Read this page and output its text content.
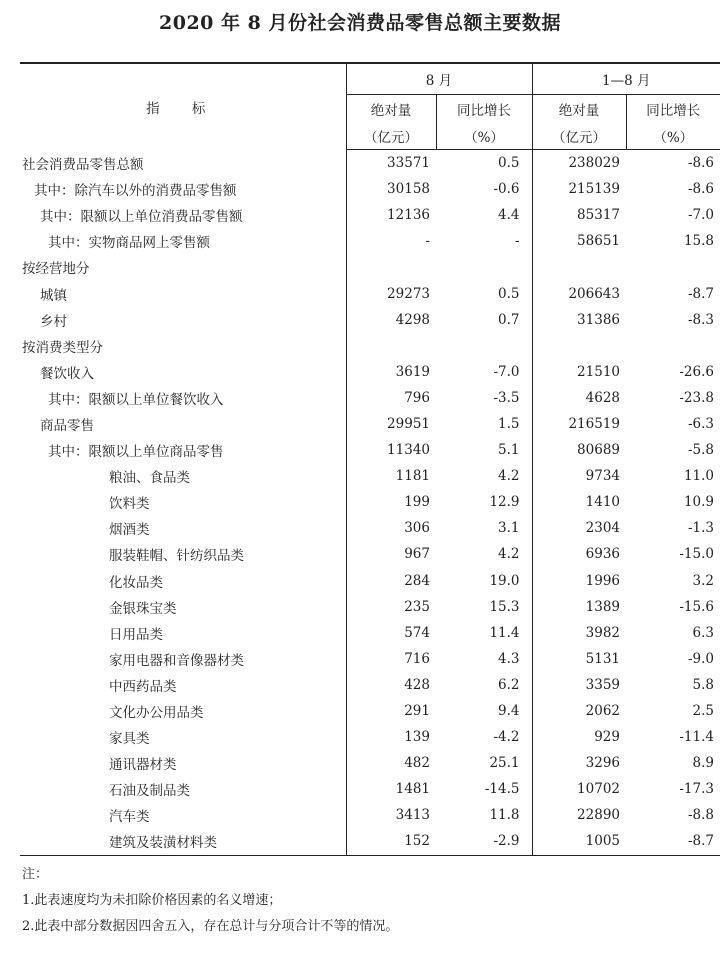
2020 年 8 月份社会消费品零售总额主要数据

指 标	8 月		1—8 月	
	绝对量	同比增长	绝对量	同比增长
	（亿元）	（%）	（亿元）	（%）
社会消费品零售总额	33571	0.5	238029	-8.6
其中：除汽车以外的消费品零售额	30158	-0.6	215139	-8.6
其中：限额以上单位消费品零售额	12136	4.4	85317	-7.0
其中：实物商品网上零售额	-	-	58651	15.8
按经营地分				
城镇	29273	0.5	206643	-8.7
乡村	4298	0.7	31386	-8.3
按消费类型分				
餐饮收入	3619	-7.0	21510	-26.6
其中：限额以上单位餐饮收入	796	-3.5	4628	-23.8
商品零售	29951	1.5	216519	-6.3
其中：限额以上单位商品零售	11340	5.1	80689	-5.8
粮油、食品类	1181	4.2	9734	11.0
饮料类	199	12.9	1410	10.9
烟酒类	306	3.1	2304	-1.3
服装鞋帽、针纺织品类	967	4.2	6936	-15.0
化妆品类	284	19.0	1996	3.2
金银珠宝类	235	15.3	1389	-15.6
日用品类	574	11.4	3982	6.3
家用电器和音像器材类	716	4.3	5131	-9.0
中西药品类	428	6.2	3359	5.8
文化办公用品类	291	9.4	2062	2.5
家具类	139	-4.2	929	-11.4
通讯器材类	482	25.1	3296	8.9
石油及制品类	1481	-14.5	10702	-17.3
汽车类	3413	11.8	22890	-8.8
建筑及装潢材料类	152	-2.9	1005	-8.7
注：
1.此表速度均为未扣除价格因素的名义增速；
2.此表中部分数据因四舍五入，存在总计与分项合计不等的情况。
